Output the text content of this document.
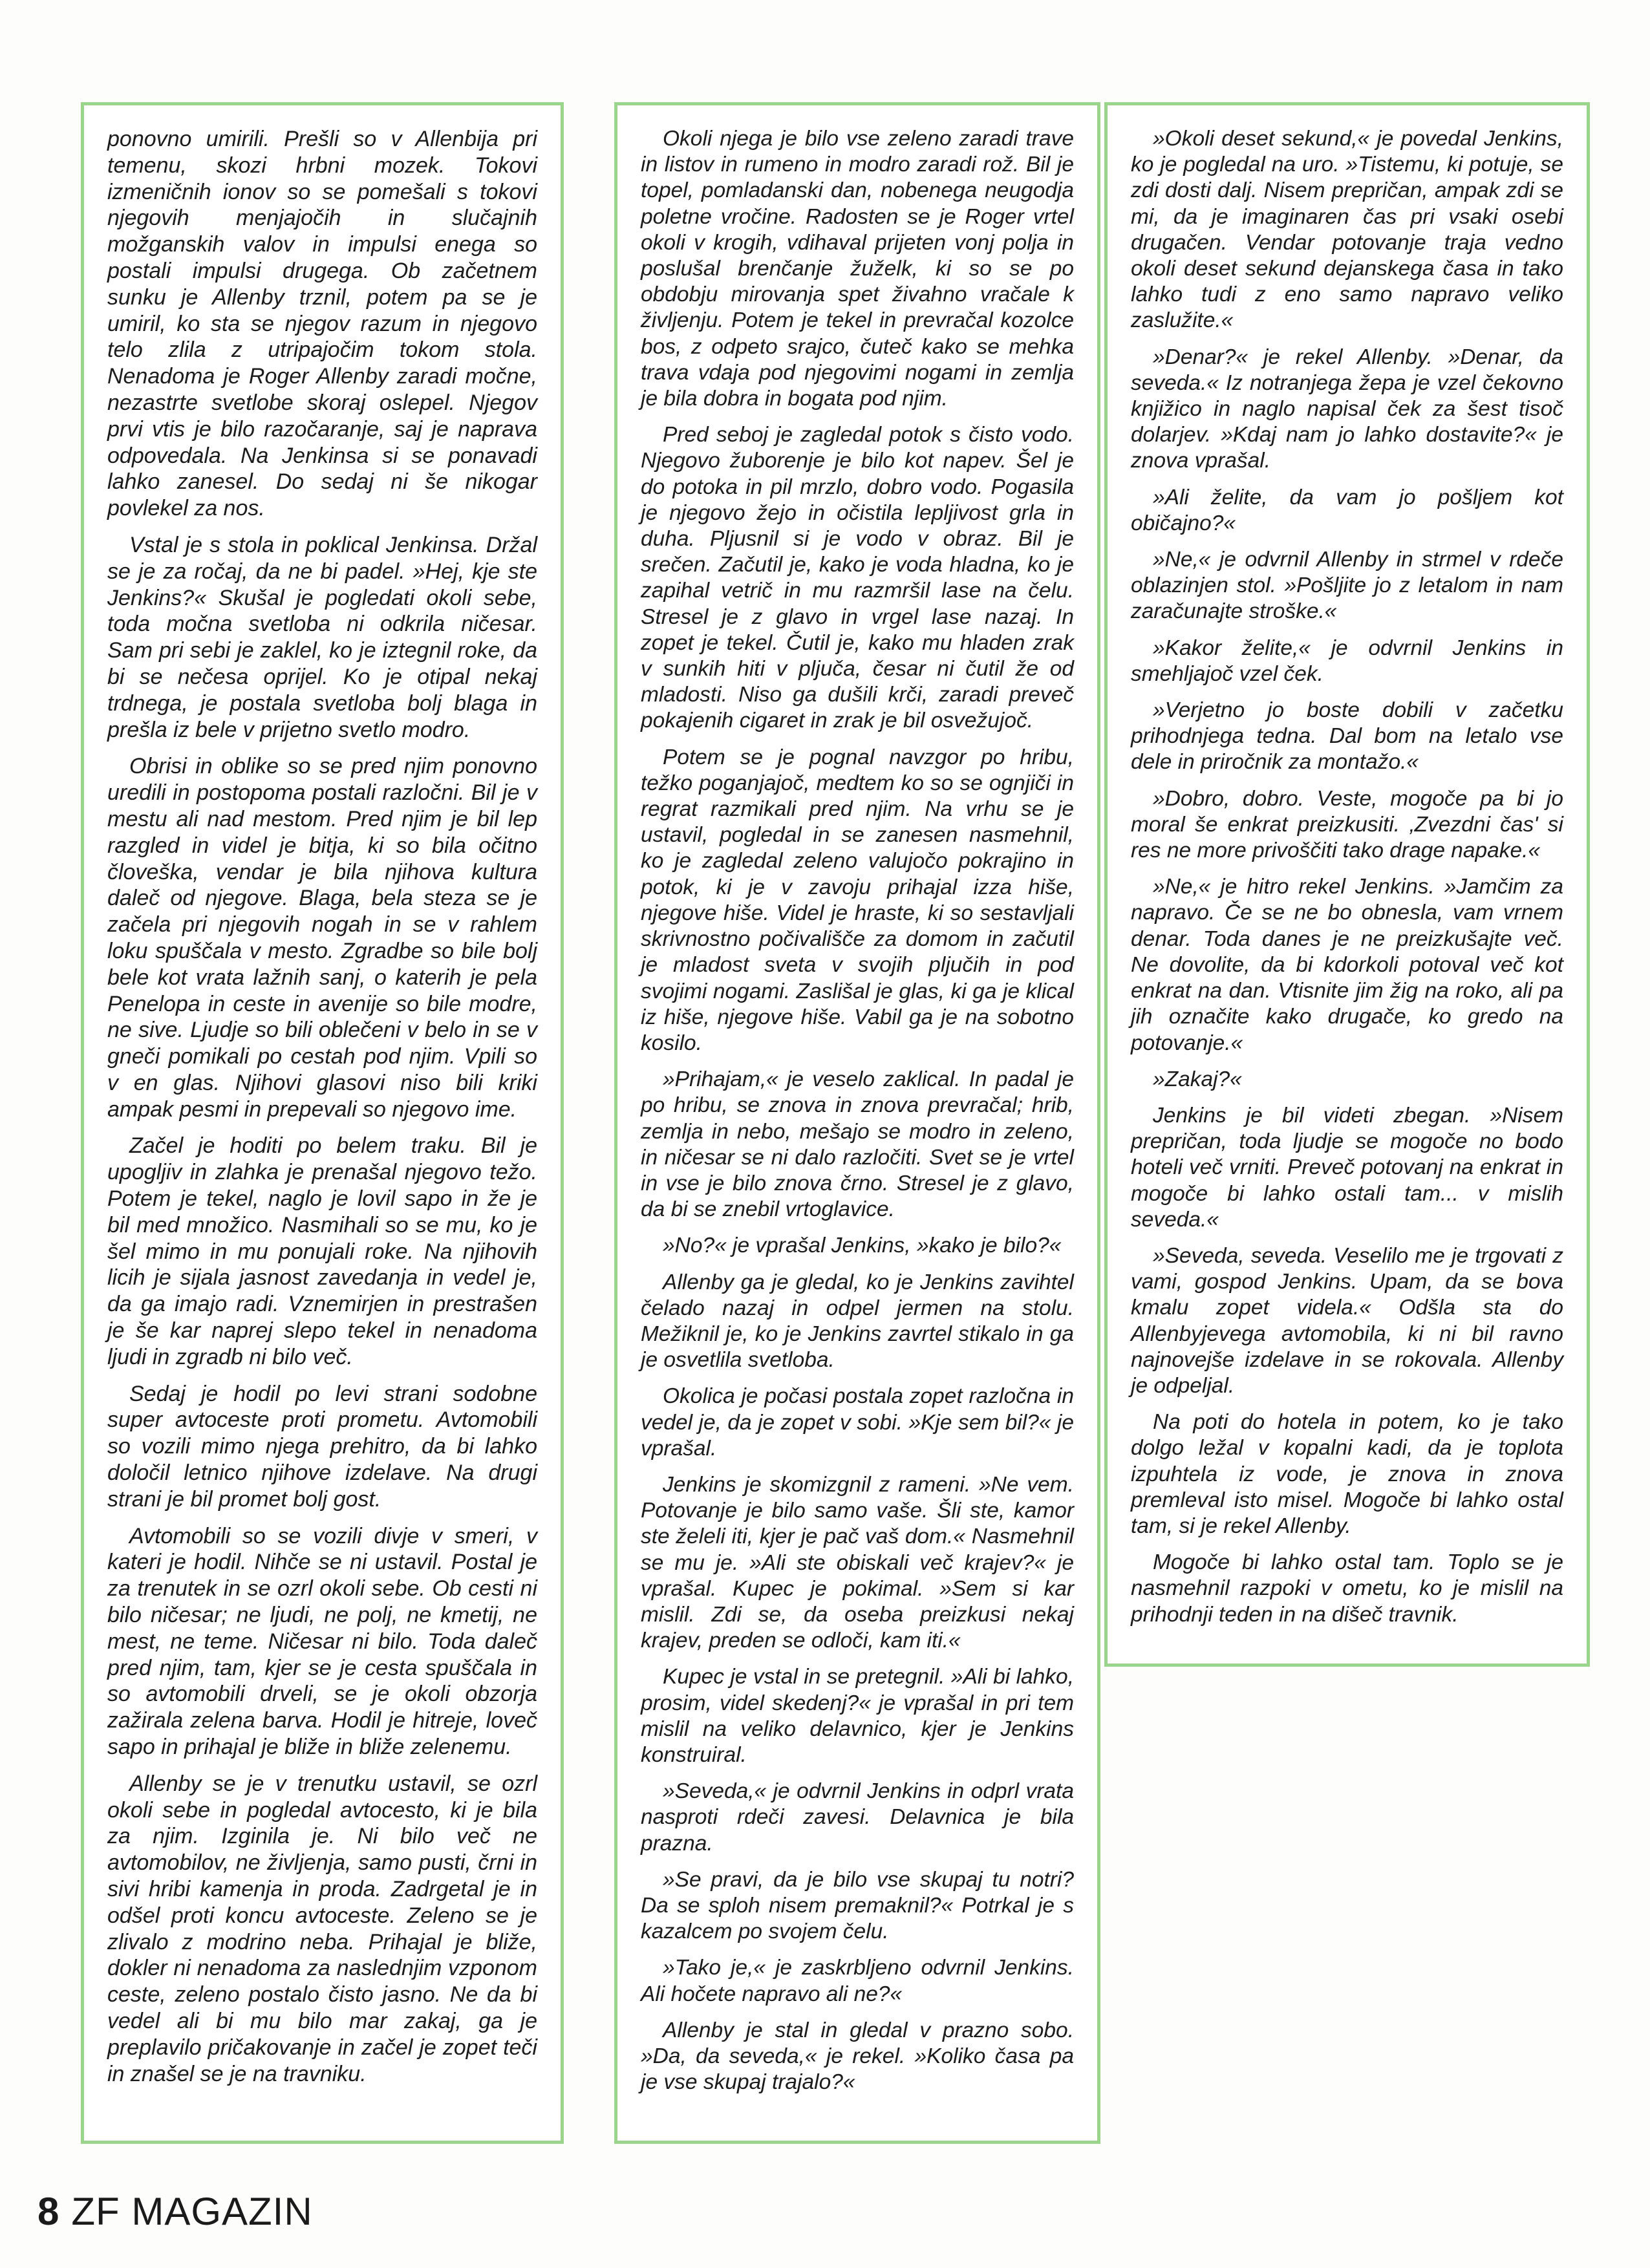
ponovno umirili. Prešli so v Allenbija pri temenu, skozi hrbni mozek. Tokovi izmeničnih ionov so se pomešali s tokovi njegovih menjajočih in slučajnih možganskih valov in impulsi enega so postali impulsi drugega. Ob začetnem sunku je Allenby trznil, potem pa se je umiril, ko sta se njegov razum in njegovo telo zlila z utripajočim tokom stola. Nenadoma je Roger Allenby zaradi močne, nezastrte svetlobe skoraj oslepel. Njegov prvi vtis je bilo razočaranje, saj je naprava odpovedala. Na Jenkinsa si se ponavadi lahko zanesel. Do sedaj ni še nikogar povlekel za nos.

Vstal je s stola in poklical Jenkinsa. Držal se je za ročaj, da ne bi padel. »Hej, kje ste Jenkins?« Skušal je pogledati okoli sebe, toda močna svetloba ni odkrila ničesar. Sam pri sebi je zaklel, ko je iztegnil roke, da bi se nečesa oprijel. Ko je otipal nekaj trdnega, je postala svetloba bolj blaga in prešla iz bele v prijetno svetlo modro.

Obrisi in oblike so se pred njim ponovno uredili in postopoma postali razločni. Bil je v mestu ali nad mestom. Pred njim je bil lep razgled in videl je bitja, ki so bila očitno človeška, vendar je bila njihova kultura daleč od njegove. Blaga, bela steza se je začela pri njegovih nogah in se v rahlem loku spuščala v mesto. Zgradbe so bile bolj bele kot vrata lažnih sanj, o katerih je pela Penelopa in ceste in avenije so bile modre, ne sive. Ljudje so bili oblečeni v belo in se v gneči pomikali po cestah pod njim. Vpili so v en glas. Njihovi glasovi niso bili kriki ampak pesmi in prepevali so njegovo ime.

Začel je hoditi po belem traku. Bil je upogljiv in zlahka je prenašal njegovo težo. Potem je tekel, naglo je lovil sapo in že je bil med množico. Nasmihali so se mu, ko je šel mimo in mu ponujali roke. Na njihovih licih je sijala jasnost zavedanja in vedel je, da ga imajo radi. Vznemirjen in prestrašen je še kar naprej slepo tekel in nenadoma ljudi in zgradb ni bilo več.

Sedaj je hodil po levi strani sodobne super avtoceste proti prometu. Avtomobili so vozili mimo njega prehitro, da bi lahko določil letnico njihove izdelave. Na drugi strani je bil promet bolj gost.

Avtomobili so se vozili divje v smeri, v kateri je hodil. Nihče se ni ustavil. Postal je za trenutek in se ozrl okoli sebe. Ob cesti ni bilo ničesar; ne ljudi, ne polj, ne kmetij, ne mest, ne teme. Ničesar ni bilo. Toda daleč pred njim, tam, kjer se je cesta spuščala in so avtomobili drveli, se je okoli obzorja zažirala zelena barva. Hodil je hitreje, loveč sapo in prihajal je bliže in bliže zelenemu.

Allenby se je v trenutku ustavil, se ozrl okoli sebe in pogledal avtocesto, ki je bila za njim. Izginila je. Ni bilo več ne avtomobilov, ne življenja, samo pusti, črni in sivi hribi kamenja in proda. Zadrgetal je in odšel proti koncu avtoceste. Zeleno se je zlivalo z modrino neba. Prihajal je bliže, dokler ni nenadoma za naslednjim vzponom ceste, zeleno postalo čisto jasno. Ne da bi vedel ali bi mu bilo mar zakaj, ga je preplavilo pričakovanje in začel je zopet teči in znašel se je na travniku.

Okoli njega je bilo vse zeleno zaradi trave in listov in rumeno in modro zaradi rož. Bil je topel, pomladanski dan, nobenega neugodja poletne vročine. Radosten se je Roger vrtel okoli v krogih, vdihaval prijeten vonj polja in poslušal brenčanje žuželk, ki so se po obdobju mirovanja spet živahno vračale k življenju. Potem je tekel in prevračal kozolce bos, z odpeto srajco, čuteč kako se mehka trava vdaja pod njegovimi nogami in zemlja je bila dobra in bogata pod njim.

Pred seboj je zagledal potok s čisto vodo. Njegovo žuborenje je bilo kot napev. Šel je do potoka in pil mrzlo, dobro vodo. Pogasila je njegovo žejo in očistila lepljivost grla in duha. Pljusnil si je vodo v obraz. Bil je srečen. Začutil je, kako je voda hladna, ko je zapihal vetrič in mu razmršil lase na čelu. Stresel je z glavo in vrgel lase nazaj. In zopet je tekel. Čutil je, kako mu hladen zrak v sunkih hiti v pljuča, česar ni čutil že od mladosti. Niso ga dušili krči, zaradi preveč pokajenih cigaret in zrak je bil osvežujoč.

Potem se je pognal navzgor po hribu, težko poganjajoč, medtem ko so se ognjiči in regrat razmikali pred njim. Na vrhu se je ustavil, pogledal in se zanesen nasmehnil, ko je zagledal zeleno valujočo pokrajino in potok, ki je v zavoju prihajal izza hiše, njegove hiše. Videl je hraste, ki so sestavljali skrivnostno počivališče za domom in začutil je mladost sveta v svojih pljučih in pod svojimi nogami. Zaslišal je glas, ki ga je klical iz hiše, njegove hiše. Vabil ga je na sobotno kosilo.

»Prihajam,« je veselo zaklical. In padal je po hribu, se znova in znova prevračal; hrib, zemlja in nebo, mešajo se modro in zeleno, in ničesar se ni dalo razločiti. Svet se je vrtel in vse je bilo znova črno. Stresel je z glavo, da bi se znebil vrtoglavice.

»No?« je vprašal Jenkins, »kako je bilo?«

Allenby ga je gledal, ko je Jenkins zavihtel čelado nazaj in odpel jermen na stolu. Mežiknil je, ko je Jenkins zavrtel stikalo in ga je osvetlila svetloba.

Okolica je počasi postala zopet razločna in vedel je, da je zopet v sobi. »Kje sem bil?« je vprašal.

Jenkins je skomizgnil z rameni. »Ne vem. Potovanje je bilo samo vaše. Šli ste, kamor ste želeli iti, kjer je pač vaš dom.« Nasmehnil se mu je. »Ali ste obiskali več krajev?« je vprašal. Kupec je pokimal. »Sem si kar mislil. Zdi se, da oseba preizkusi nekaj krajev, preden se odloči, kam iti.«

Kupec je vstal in se pretegnil. »Ali bi lahko, prosim, videl skedenj?« je vprašal in pri tem mislil na veliko delavnico, kjer je Jenkins konstruiral.

»Seveda,« je odvrnil Jenkins in odprl vrata nasproti rdeči zavesi. Delavnica je bila prazna.

»Se pravi, da je bilo vse skupaj tu notri? Da se sploh nisem premaknil?« Potrkal je s kazalcem po svojem čelu.

»Tako je,« je zaskrbljeno odvrnil Jenkins. Ali hočete napravo ali ne?«

Allenby je stal in gledal v prazno sobo. »Da, da seveda,« je rekel. »Koliko časa pa je vse skupaj trajalo?«

»Okoli deset sekund,« je povedal Jenkins, ko je pogledal na uro. »Tistemu, ki potuje, se zdi dosti dalj. Nisem prepričan, ampak zdi se mi, da je imaginaren čas pri vsaki osebi drugačen. Vendar potovanje traja vedno okoli deset sekund dejanskega časa in tako lahko tudi z eno samo napravo veliko zaslužite.«

»Denar?« je rekel Allenby. »Denar, da seveda.« Iz notranjega žepa je vzel čekovno knjižico in naglo napisal ček za šest tisoč dolarjev. »Kdaj nam jo lahko dostavite?« je znova vprašal.

»Ali želite, da vam jo pošljem kot običajno?«

»Ne,« je odvrnil Allenby in strmel v rdeče oblazinjen stol. »Pošljite jo z letalom in nam zaračunajte stroške.«

»Kakor želite,« je odvrnil Jenkins in smehljajoč vzel ček.

»Verjetno jo boste dobili v začetku prihodnjega tedna. Dal bom na letalo vse dele in priročnik za montažo.«

»Dobro, dobro. Veste, mogoče pa bi jo moral še enkrat preizkusiti. ‚Zvezdni čas' si res ne more privoščiti tako drage napake.«

»Ne,« je hitro rekel Jenkins. »Jamčim za napravo. Če se ne bo obnesla, vam vrnem denar. Toda danes je ne preizkušajte več. Ne dovolite, da bi kdorkoli potoval več kot enkrat na dan. Vtisnite jim žig na roko, ali pa jih označite kako drugače, ko gredo na potovanje.«

»Zakaj?«

Jenkins je bil videti zbegan. »Nisem prepričan, toda ljudje se mogoče no bodo hoteli več vrniti. Preveč potovanj na enkrat in mogoče bi lahko ostali tam... v mislih seveda.«

»Seveda, seveda. Veselilo me je trgovati z vami, gospod Jenkins. Upam, da se bova kmalu zopet videla.« Odšla sta do Allenbyjevega avtomobila, ki ni bil ravno najnovejše izdelave in se rokovala. Allenby je odpeljal.

Na poti do hotela in potem, ko je tako dolgo ležal v kopalni kadi, da je toplota izpuhtela iz vode, je znova in znova premleval isto misel. Mogoče bi lahko ostal tam, si je rekel Allenby.

Mogoče bi lahko ostal tam. Toplo se je nasmehnil razpoki v ometu, ko je mislil na prihodnji teden in na dišeč travnik.

8 ZF MAGAZIN
